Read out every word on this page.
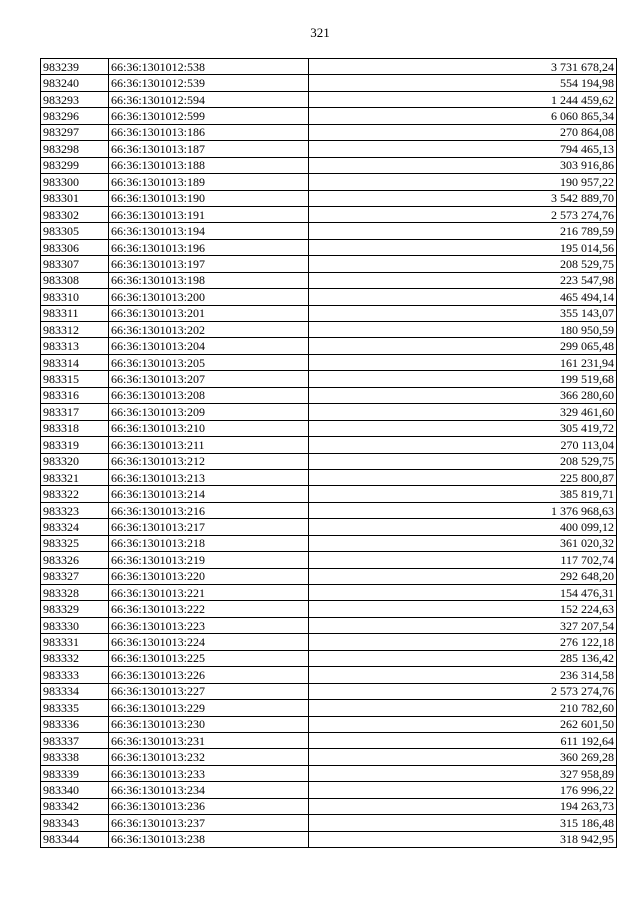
321
983239	66:36:1301012:538	3 731 678,24
983240	66:36:1301012:539	554 194,98
983293	66:36:1301012:594	1 244 459,62
983296	66:36:1301012:599	6 060 865,34
983297	66:36:1301013:186	270 864,08
983298	66:36:1301013:187	794 465,13
983299	66:36:1301013:188	303 916,86
983300	66:36:1301013:189	190 957,22
983301	66:36:1301013:190	3 542 889,70
983302	66:36:1301013:191	2 573 274,76
983305	66:36:1301013:194	216 789,59
983306	66:36:1301013:196	195 014,56
983307	66:36:1301013:197	208 529,75
983308	66:36:1301013:198	223 547,98
983310	66:36:1301013:200	465 494,14
983311	66:36:1301013:201	355 143,07
983312	66:36:1301013:202	180 950,59
983313	66:36:1301013:204	299 065,48
983314	66:36:1301013:205	161 231,94
983315	66:36:1301013:207	199 519,68
983316	66:36:1301013:208	366 280,60
983317	66:36:1301013:209	329 461,60
983318	66:36:1301013:210	305 419,72
983319	66:36:1301013:211	270 113,04
983320	66:36:1301013:212	208 529,75
983321	66:36:1301013:213	225 800,87
983322	66:36:1301013:214	385 819,71
983323	66:36:1301013:216	1 376 968,63
983324	66:36:1301013:217	400 099,12
983325	66:36:1301013:218	361 020,32
983326	66:36:1301013:219	117 702,74
983327	66:36:1301013:220	292 648,20
983328	66:36:1301013:221	154 476,31
983329	66:36:1301013:222	152 224,63
983330	66:36:1301013:223	327 207,54
983331	66:36:1301013:224	276 122,18
983332	66:36:1301013:225	285 136,42
983333	66:36:1301013:226	236 314,58
983334	66:36:1301013:227	2 573 274,76
983335	66:36:1301013:229	210 782,60
983336	66:36:1301013:230	262 601,50
983337	66:36:1301013:231	611 192,64
983338	66:36:1301013:232	360 269,28
983339	66:36:1301013:233	327 958,89
983340	66:36:1301013:234	176 996,22
983342	66:36:1301013:236	194 263,73
983343	66:36:1301013:237	315 186,48
983344	66:36:1301013:238	318 942,95
